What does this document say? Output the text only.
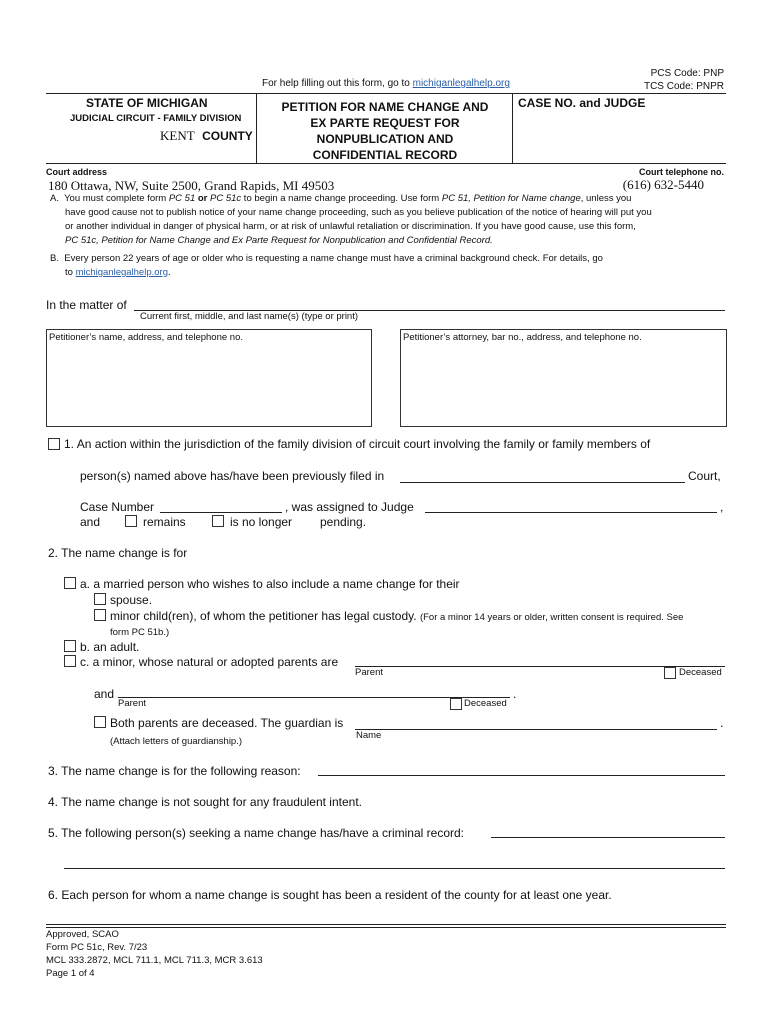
PCS Code: PNP
TCS Code: PNPR
For help filling out this form, go to michiganlegalhelp.org
STATE OF MICHIGAN
JUDICIAL CIRCUIT - FAMILY DIVISION
KENT COUNTY
PETITION FOR NAME CHANGE AND
EX PARTE REQUEST FOR
NONPUBLICATION AND
CONFIDENTIAL RECORD
CASE NO. and JUDGE
Court address	Court telephone no.
180 Ottawa, NW, Suite 2500, Grand Rapids, MI 49503	(616) 632-5440
A. You must complete form PC 51 or PC 51c to begin a name change proceeding. Use form PC 51, Petition for Name change, unless you
have good cause not to publish notice of your name change proceeding, such as you believe publication of the notice of hearing will put you
or another individual in danger of physical harm, or at risk of unlawful retaliation or discrimination. If you have good cause, use this form,
PC 51c, Petition for Name Change and Ex Parte Request for Nonpublication and Confidential Record.
B. Every person 22 years of age or older who is requesting a name change must have a criminal background check. For details, go
to michiganlegalhelp.org.
In the matter of
Current first, middle, and last name(s) (type or print)
Petitioner’s name, address, and telephone no.	Petitioner’s attorney, bar no., address, and telephone no.
1. An action within the jurisdiction of the family division of circuit court involving the family or family members of
person(s) named above has/have been previously filed in	Court,
Case Number	, was assigned to Judge	,
and	remains	is no longer pending.
2. The name change is for
a. a married person who wishes to also include a name change for their
spouse.
minor child(ren), of whom the petitioner has legal custody. (For a minor 14 years or older, written consent is required. See
form PC 51b.)
b. an adult.
c. a minor, whose natural or adopted parents are
Parent	Deceased
and	.
Parent	Deceased
Both parents are deceased. The guardian is	.
(Attach letters of guardianship.)
Name
3. The name change is for the following reason:
4. The name change is not sought for any fraudulent intent.
5. The following person(s) seeking a name change has/have a criminal record:
6. Each person for whom a name change is sought has been a resident of the county for at least one year.
Approved, SCAO
Form PC 51c, Rev. 7/23
MCL 333.2872, MCL 711.1, MCL 711.3, MCR 3.613
Page 1 of 4
